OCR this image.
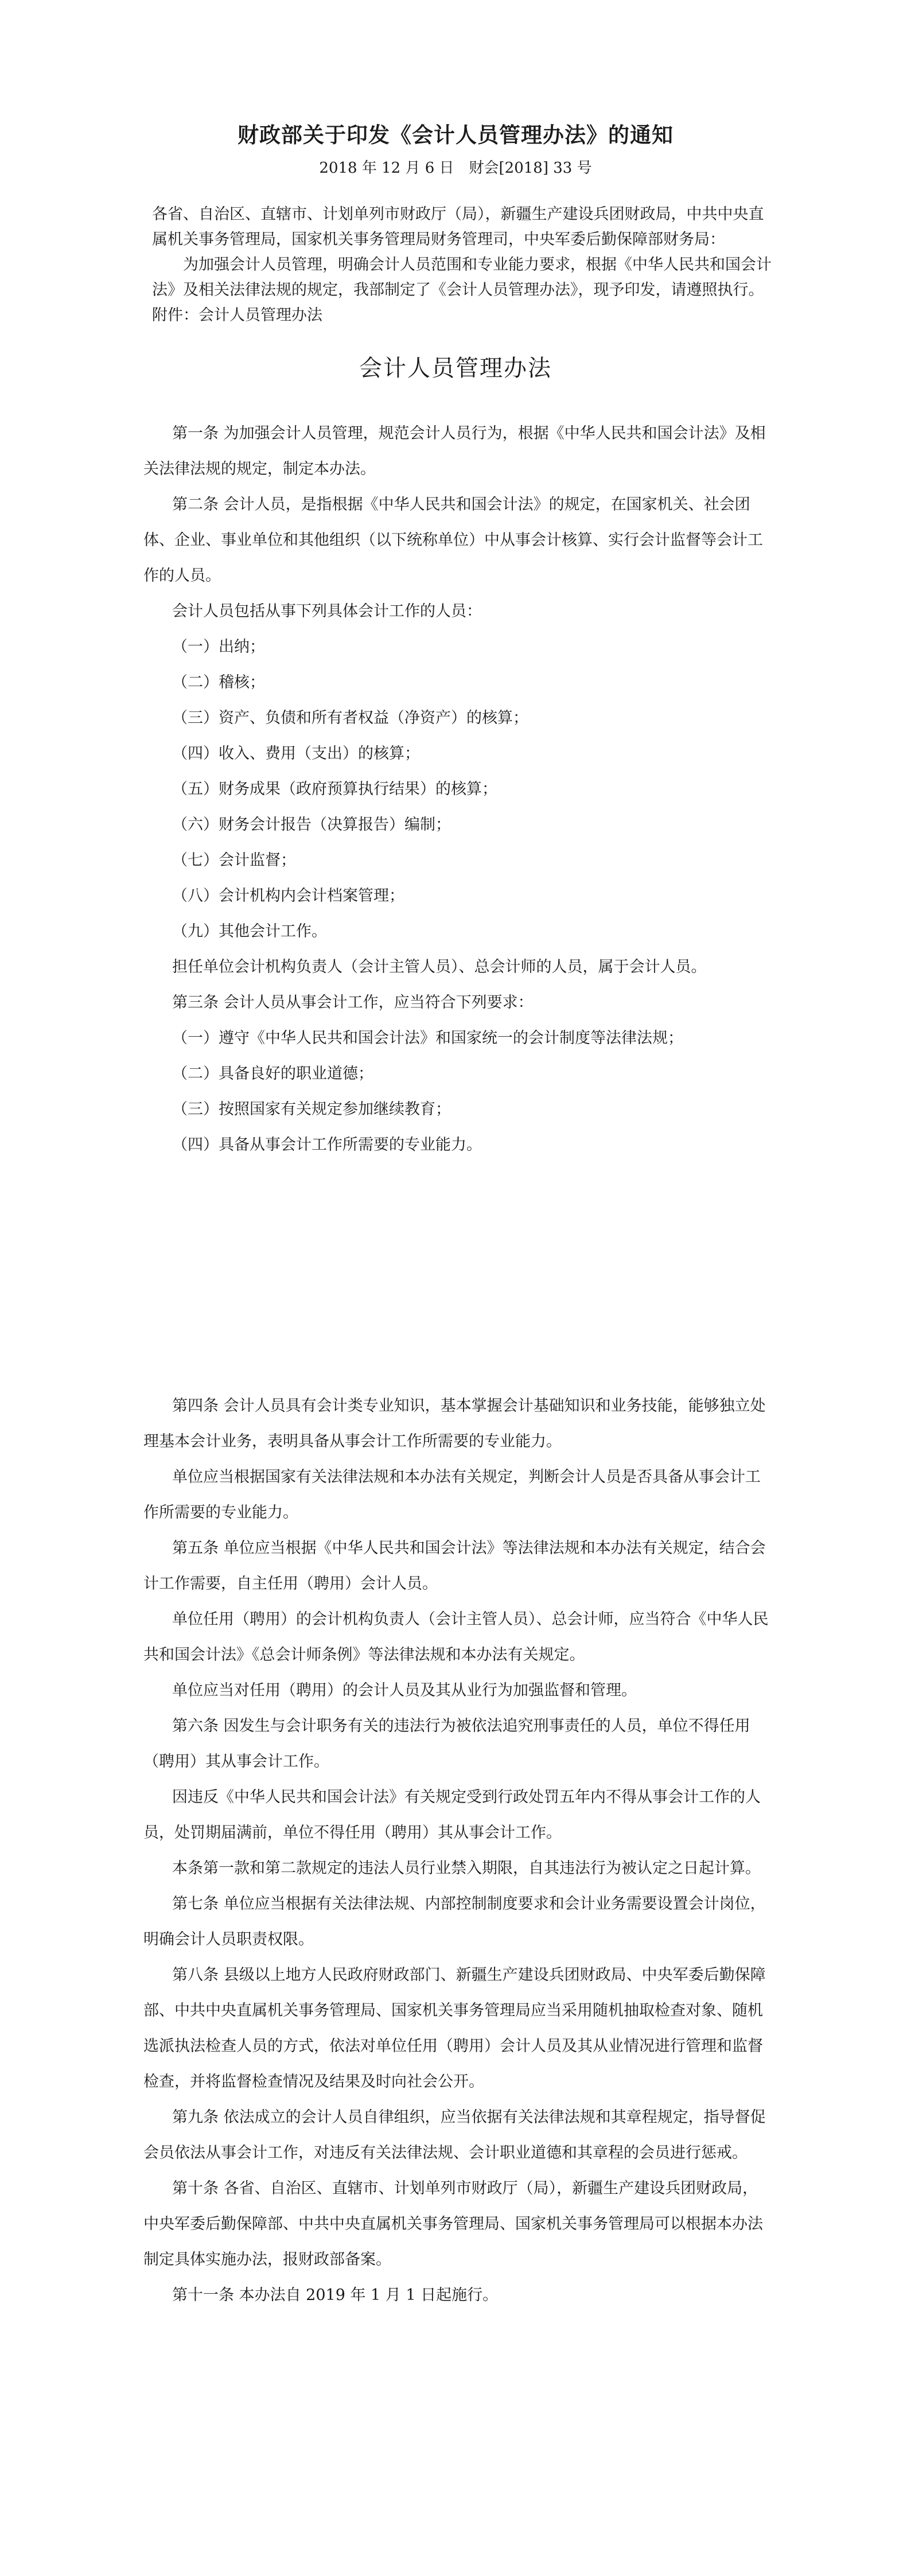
财政部关于印发《会计人员管理办法》的通知
2018 年 12 月 6 日　财会[2018] 33 号

各省、自治区、直辖市、计划单列市财政厅（局），新疆生产建设兵团财政局，中共中央直属机关事务管理局，国家机关事务管理局财务管理司，中央军委后勤保障部财务局：

为加强会计人员管理，明确会计人员范围和专业能力要求，根据《中华人民共和国会计法》及相关法律法规的规定，我部制定了《会计人员管理办法》，现予印发，请遵照执行。

附件：会计人员管理办法

会计人员管理办法

第一条 为加强会计人员管理，规范会计人员行为，根据《中华人民共和国会计法》及相关法律法规的规定，制定本办法。

第二条 会计人员，是指根据《中华人民共和国会计法》的规定，在国家机关、社会团体、企业、事业单位和其他组织（以下统称单位）中从事会计核算、实行会计监督等会计工作的人员。

会计人员包括从事下列具体会计工作的人员：

（一）出纳；

（二）稽核；

（三）资产、负债和所有者权益（净资产）的核算；

（四）收入、费用（支出）的核算；

（五）财务成果（政府预算执行结果）的核算；

（六）财务会计报告（决算报告）编制；

（七）会计监督；

（八）会计机构内会计档案管理；

（九）其他会计工作。

担任单位会计机构负责人（会计主管人员）、总会计师的人员，属于会计人员。

第三条 会计人员从事会计工作，应当符合下列要求：

（一）遵守《中华人民共和国会计法》和国家统一的会计制度等法律法规；

（二）具备良好的职业道德；

（三）按照国家有关规定参加继续教育；

（四）具备从事会计工作所需要的专业能力。

第四条 会计人员具有会计类专业知识，基本掌握会计基础知识和业务技能，能够独立处理基本会计业务，表明具备从事会计工作所需要的专业能力。

单位应当根据国家有关法律法规和本办法有关规定，判断会计人员是否具备从事会计工作所需要的专业能力。

第五条 单位应当根据《中华人民共和国会计法》等法律法规和本办法有关规定，结合会计工作需要，自主任用（聘用）会计人员。

单位任用（聘用）的会计机构负责人（会计主管人员）、总会计师，应当符合《中华人民共和国会计法》《总会计师条例》等法律法规和本办法有关规定。

单位应当对任用（聘用）的会计人员及其从业行为加强监督和管理。

第六条 因发生与会计职务有关的违法行为被依法追究刑事责任的人员，单位不得任用（聘用）其从事会计工作。

因违反《中华人民共和国会计法》有关规定受到行政处罚五年内不得从事会计工作的人员，处罚期届满前，单位不得任用（聘用）其从事会计工作。

本条第一款和第二款规定的违法人员行业禁入期限，自其违法行为被认定之日起计算。

第七条 单位应当根据有关法律法规、内部控制制度要求和会计业务需要设置会计岗位，明确会计人员职责权限。

第八条 县级以上地方人民政府财政部门、新疆生产建设兵团财政局、中央军委后勤保障部、中共中央直属机关事务管理局、国家机关事务管理局应当采用随机抽取检查对象、随机选派执法检查人员的方式，依法对单位任用（聘用）会计人员及其从业情况进行管理和监督检查，并将监督检查情况及结果及时向社会公开。

第九条 依法成立的会计人员自律组织，应当依据有关法律法规和其章程规定，指导督促会员依法从事会计工作，对违反有关法律法规、会计职业道德和其章程的会员进行惩戒。

第十条 各省、自治区、直辖市、计划单列市财政厅（局），新疆生产建设兵团财政局，中央军委后勤保障部、中共中央直属机关事务管理局、国家机关事务管理局可以根据本办法制定具体实施办法，报财政部备案。

第十一条 本办法自 2019 年 1 月 1 日起施行。
